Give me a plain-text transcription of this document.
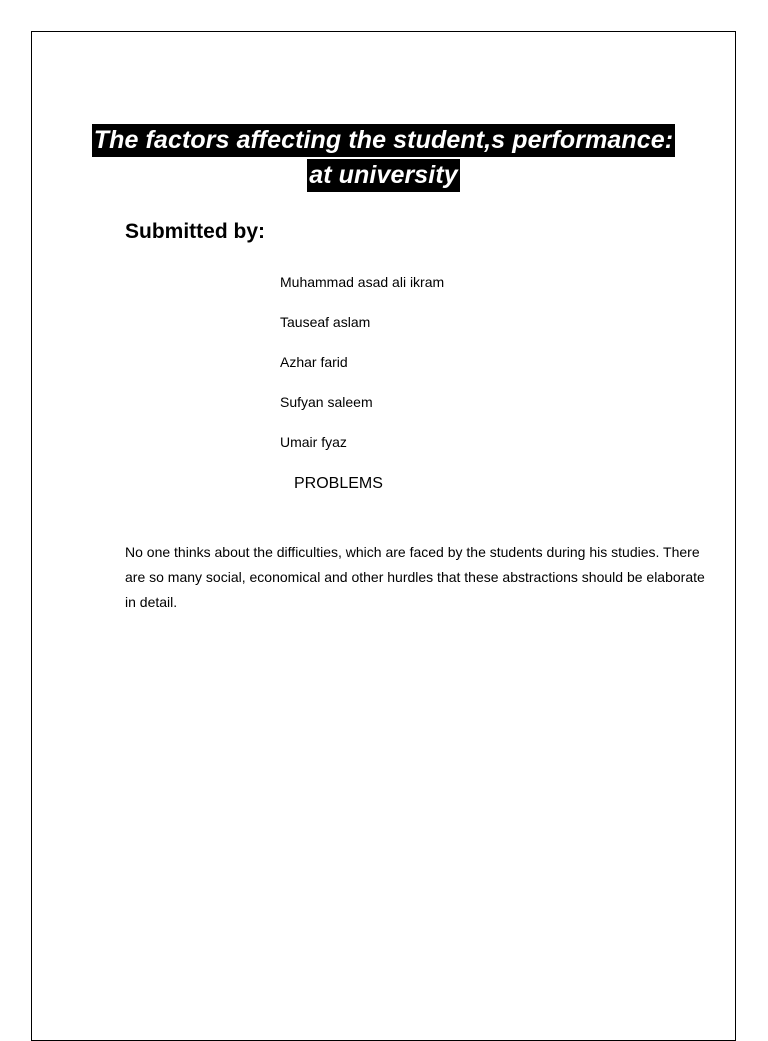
The factors affecting the student,s performance:
at university
Submitted by:
Muhammad asad ali ikram
Tauseaf aslam
Azhar farid
Sufyan saleem
Umair fyaz
PROBLEMS

No one thinks about the difficulties, which are faced by the students during his studies. There are so many social, economical and other hurdles that these abstractions should be elaborate in detail.
